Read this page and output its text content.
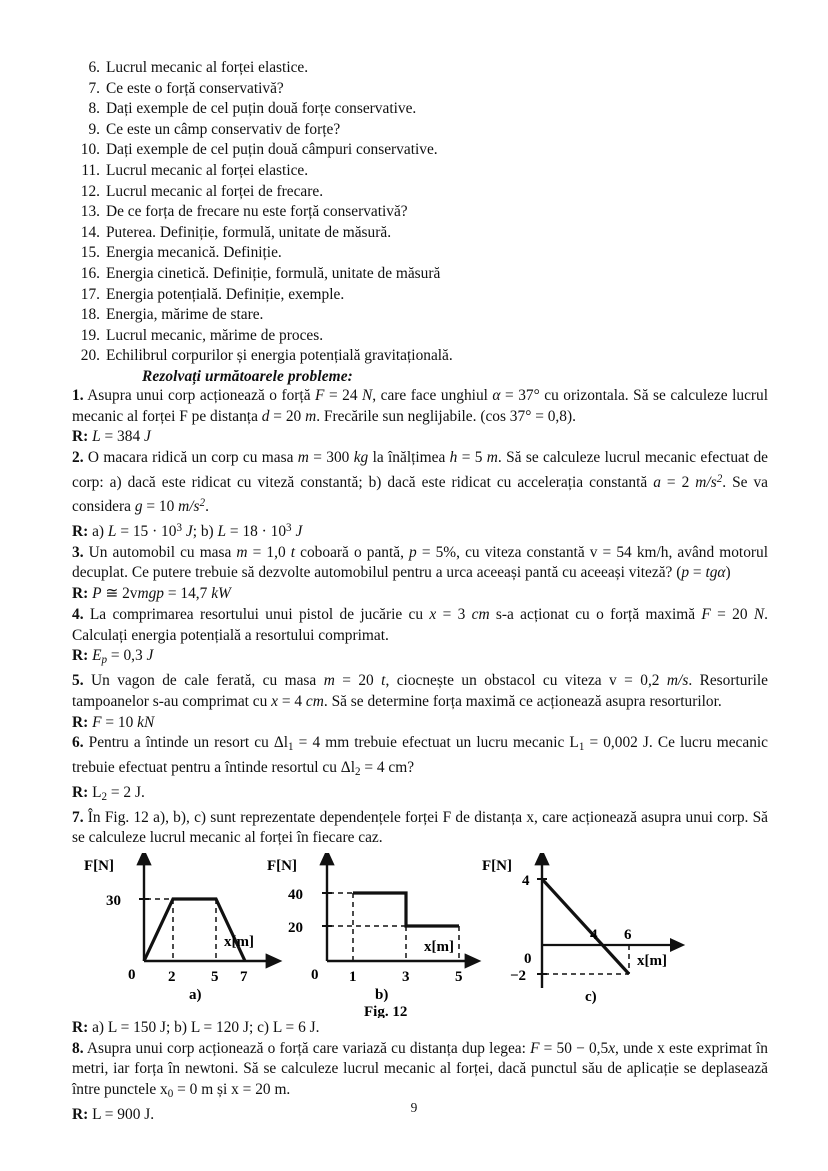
6. Lucrul mecanic al forței elastice.
7. Ce este o forță conservativă?
8. Dați exemple de cel puțin două forțe conservative.
9. Ce este un câmp conservativ de forțe?
10. Dați exemple de cel puțin două câmpuri conservative.
11. Lucrul mecanic al forței elastice.
12. Lucrul mecanic al forței de frecare.
13. De ce forța de frecare nu este forță conservativă?
14. Puterea. Definiție, formulă, unitate de măsură.
15. Energia mecanică. Definiție.
16. Energia cinetică. Definiție, formulă, unitate de măsură
17. Energia potențială. Definiție, exemple.
18. Energia, mărime de stare.
19. Lucrul mecanic, mărime de proces.
20. Echilibrul corpurilor și energia potențială gravitațională.
Rezolvați următoarele probleme:
1. Asupra unui corp acționează o forță F = 24 N, care face unghiul α = 37° cu orizontala. Să se calculeze lucrul mecanic al forței F pe distanța d = 20 m. Frecările sun neglijabile. (cos 37° = 0,8).
R: L = 384 J
2. O macara ridică un corp cu masa m = 300 kg la înălțimea h = 5 m. Să se calculeze lucrul mecanic efectuat de corp: a) dacă este ridicat cu viteză constantă; b) dacă este ridicat cu accelerația constantă a = 2 $m/s^2$. Se va considera g = 10 $m/s^2$.
R: a) $L = 15 \cdot 10^3$ J; b) $L = 18 \cdot 10^3$ J
3. Un automobil cu masa m = 1,0 t coboară o pantă, p = 5%, cu viteza constantă v = 54 km/h, având motorul decuplat. Ce putere trebuie să dezvolte automobilul pentru a urca aceeași pantă cu aceeași viteză? (p = tgα)
R: P ≅ 2vmgp = 14,7 kW
4. La comprimarea resortului unui pistol de jucărie cu x = 3 cm s-a acționat cu o forță maximă F = 20 N. Calculați energia potențială a resortului comprimat.
R: $E_p = 0,3$ J
5. Un vagon de cale ferată, cu masa m = 20 t, ciocnește un obstacol cu viteza v = 0,2 m/s. Resorturile tampoanelor s-au comprimat cu x = 4 cm. Să se determine forța maximă ce acționează asupra resorturilor.
R: F = 10 kN
6. Pentru a întinde un resort cu $\Delta l_1 = 4$ mm trebuie efectuat un lucru mecanic $L_1 = 0,002$ J. Ce lucru mecanic trebuie efectuat pentru a întinde resortul cu $\Delta l_2 = 4$ cm?
R: $L_2 = 2$ J.
7. În Fig. 12 a), b), c) sunt reprezentate dependențele forței F de distanța x, care acționează asupra unui corp. Să se calculeze lucrul mecanic al forței în fiecare caz.
F[N]
30
0 2 5 7
x[m]
a)
F[N]
40
20
0 1	3	5
x[m]
b)
Fig. 12
F[N]
4
−2
0
4 6
x[m]
c)
R: a) L = 150 J; b) L = 120 J; c) L = 6 J.
8. Asupra unui corp acționează o forță care variază cu distanța dup legea: F = 50 − 0,5x, unde x este exprimat în metri, iar forța în newtoni. Să se calculeze lucrul mecanic al forței, dacă punctul său de aplicație se deplasează între punctele $x_0 = 0$ m și x = 20 m.
R: L = 900 J.	9
